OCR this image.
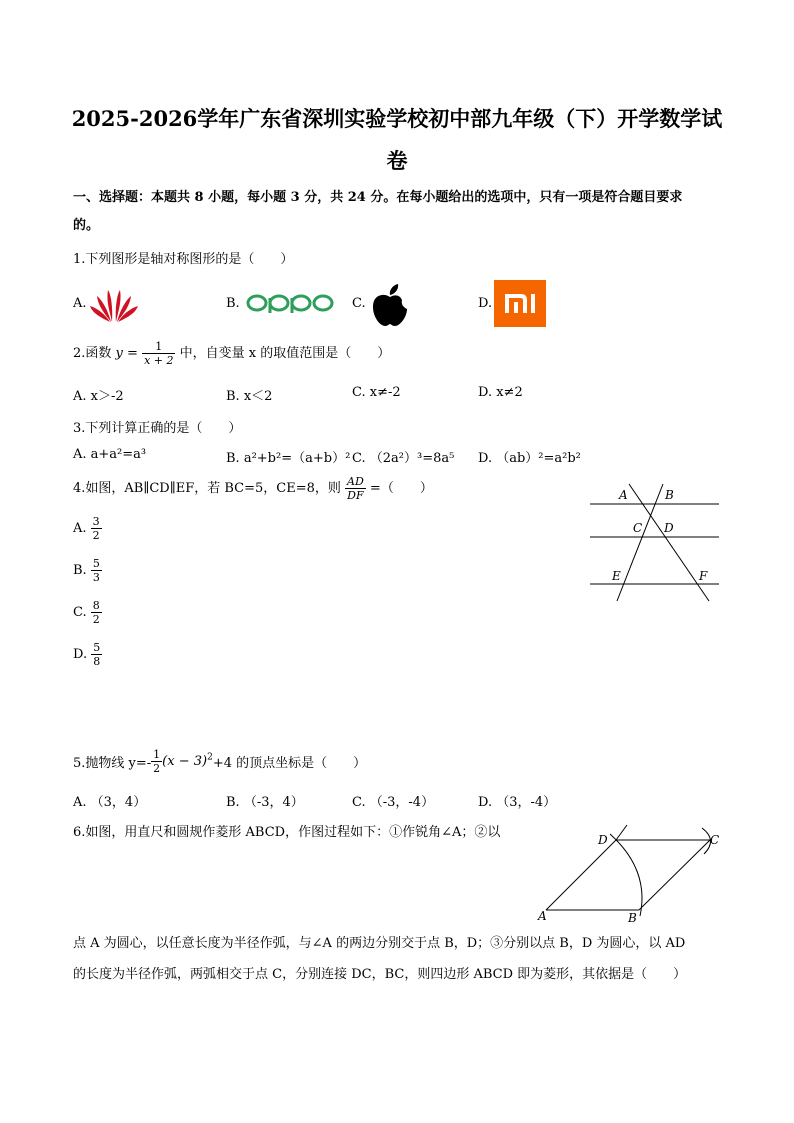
2025-2026学年广东省深圳实验学校初中部九年级（下）开学数学试
卷
一、选择题：本题共 8 小题，每小题 3 分，共 24 分。在每小题给出的选项中，只有一项是符合题目要求
的。
1.下列图形是轴对称图形的是（　　）
A.	B.	C.	D.
2.函数 $y = \frac{1}{x + 2}$ 中，自变量 x 的取值范围是（　　）
A. x＞-2	B. x＜2	C. x≠-2	D. x≠2
3.下列计算正确的是（　　）
A. a+a²=a³	B. a²+b²=（a+b）² C. （2a²）³=8a⁵ D. （ab）²=a²b²
4.如图，AB∥CD∥EF，若 BC=5，CE=8，则 $\frac{AD}{DF}$ =（　　）
A. $\frac{3}{2}$
B. $\frac{5}{3}$
C. $\frac{8}{2}$
D. $\frac{5}{8}$
A	B
C D
E	F
5.抛物线 $y=- \frac{1}{2} (x - 3)^2+4$ 的顶点坐标是（　　）
A. （3，4）	B. （-3，4）	C. （-3，-4）	D. （3，-4）
6.如图，用直尺和圆规作菱形 ABCD，作图过程如下：①作锐角∠A；②以	D	C
A	B
点 A 为圆心，以任意长度为半径作弧，与∠A 的两边分别交于点 B，D；③分别以点 B，D 为圆心，以 AD
的长度为半径作弧，两弧相交于点 C，分别连接 DC，BC，则四边形 ABCD 即为菱形，其依据是（　　）
